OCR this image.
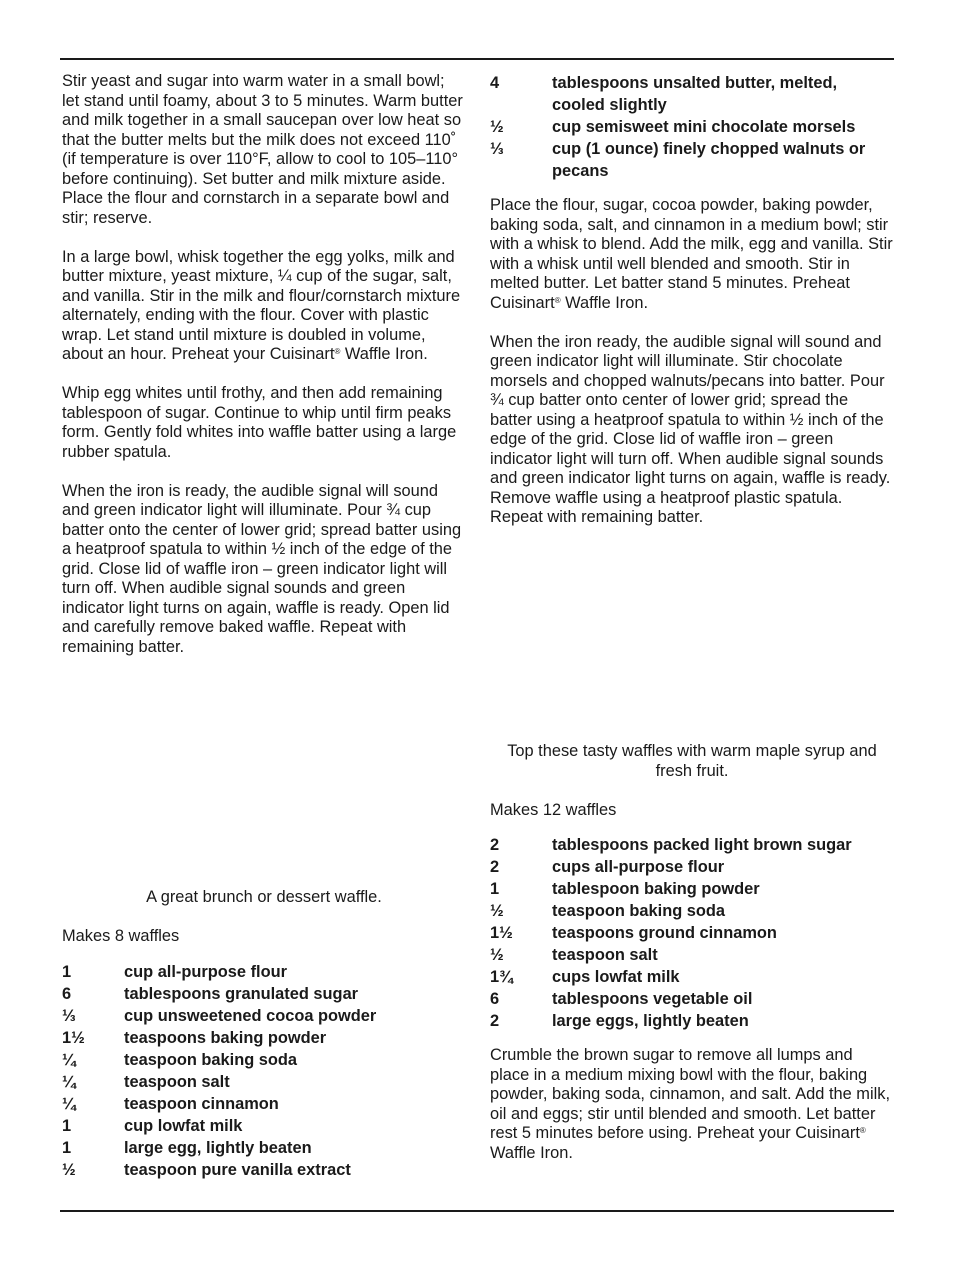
Stir yeast and sugar into warm water in a small bowl; let stand until foamy, about 3 to 5 minutes. Warm butter and milk together in a small saucepan over low heat so that the butter melts but the milk does not exceed 110˚ (if temperature is over 110°F, allow to cool to 105–110° before continuing). Set butter and milk mixture aside. Place the flour and cornstarch in a separate bowl and stir; reserve.

In a large bowl, whisk together the egg yolks, milk and butter mixture, yeast mixture, ¼ cup of the sugar, salt, and vanilla. Stir in the milk and flour/cornstarch mixture alternately, ending with the flour. Cover with plastic wrap. Let stand until mixture is doubled in volume, about an hour. Preheat your Cuisinart® Waffle Iron.

Whip egg whites until frothy, and then add remaining tablespoon of sugar. Continue to whip until firm peaks form. Gently fold whites into waffle batter using a large rubber spatula.

When the iron is ready, the audible signal will sound and green indicator light will illuminate. Pour ¾ cup batter onto the center of lower grid; spread batter using a heatproof spatula to within ½ inch of the edge of the grid. Close lid of waffle iron – green indicator light will turn off. When audible signal sounds and green indicator light turns on again, waffle is ready. Open lid and carefully remove baked waffle. Repeat with remaining batter.

A great brunch or dessert waffle.

Makes 8 waffles

1	cup all-purpose flour
6	tablespoons granulated sugar
⅓	cup unsweetened cocoa powder
1½	teaspoons baking powder
¼	teaspoon baking soda
¼	teaspoon salt
¼	teaspoon cinnamon
1	cup lowfat milk
1	large egg, lightly beaten
½	teaspoon pure vanilla extract
4	tablespoons unsalted butter, melted, cooled slightly
½	cup semisweet mini chocolate morsels
⅓	cup (1 ounce) finely chopped walnuts or pecans

Place the flour, sugar, cocoa powder, baking powder, baking soda, salt, and cinnamon in a medium bowl; stir with a whisk to blend. Add the milk, egg and vanilla. Stir with a whisk until well blended and smooth. Stir in melted butter. Let batter stand 5 minutes. Preheat Cuisinart® Waffle Iron.

When the iron ready, the audible signal will sound and green indicator light will illuminate. Stir chocolate morsels and chopped walnuts/pecans into batter. Pour ¾ cup batter onto center of lower grid; spread the batter using a heatproof spatula to within ½ inch of the edge of the grid. Close lid of waffle iron – green indicator light will turn off. When audible signal sounds and green indicator light turns on again, waffle is ready. Remove waffle using a heatproof plastic spatula. Repeat with remaining batter.

Top these tasty waffles with warm maple syrup and fresh fruit.

Makes 12 waffles

2	tablespoons packed light brown sugar
2	cups all-purpose flour
1	tablespoon baking powder
½	teaspoon baking soda
1½	teaspoons ground cinnamon
½	teaspoon salt
1¾	cups lowfat milk
6	tablespoons vegetable oil
2	large eggs, lightly beaten

Crumble the brown sugar to remove all lumps and place in a medium mixing bowl with the flour, baking powder, baking soda, cinnamon, and salt. Add the milk, oil and eggs; stir until blended and smooth. Let batter rest 5 minutes before using. Preheat your Cuisinart® Waffle Iron.
